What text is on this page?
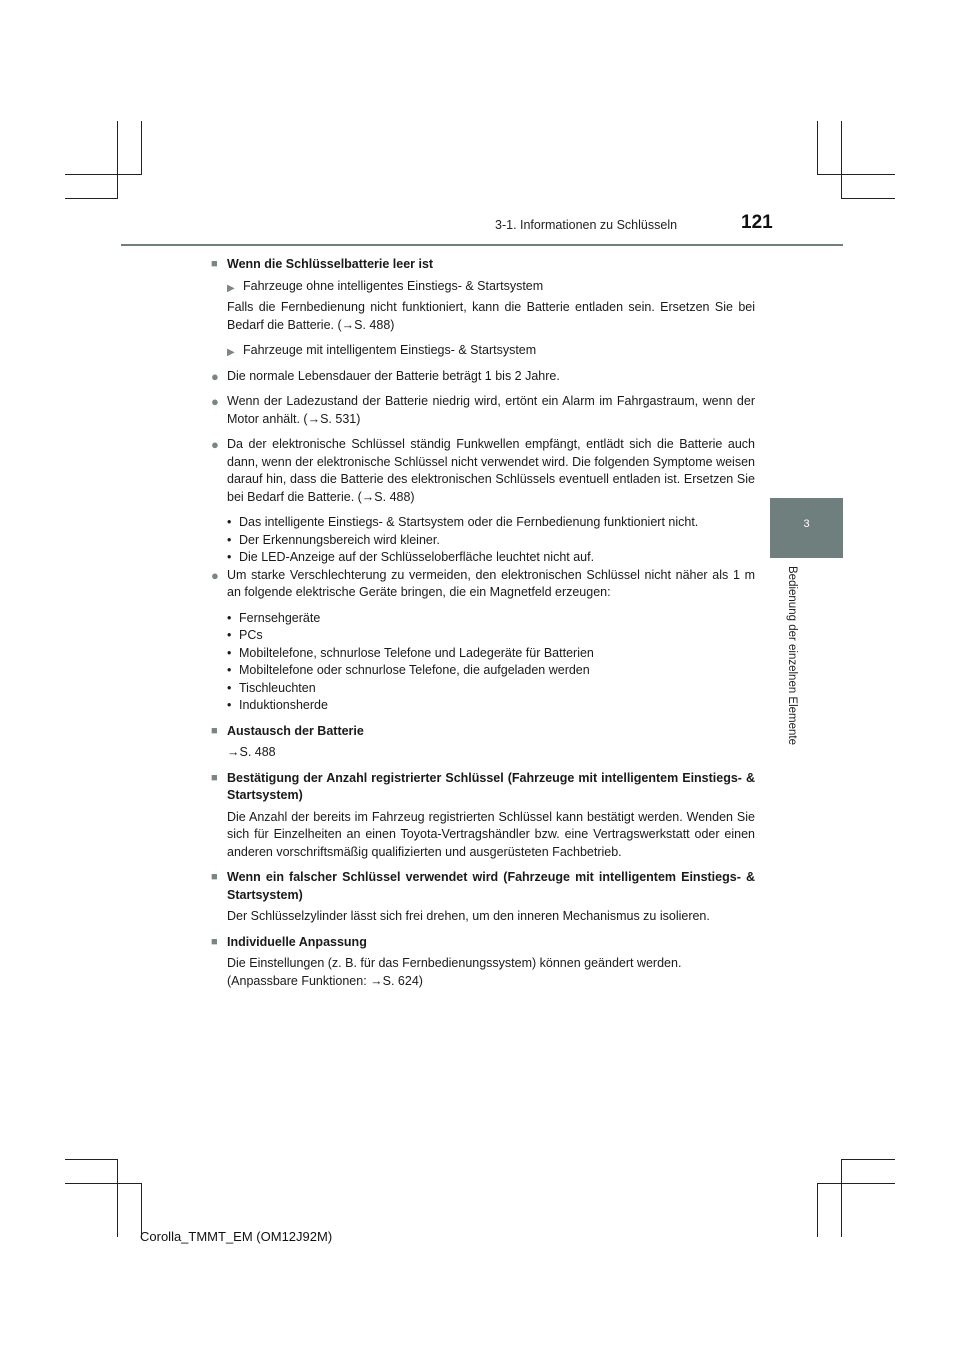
3-1. Informationen zu Schlüsseln	121
3
Bedienung der einzelnen Elemente
■ Wenn die Schlüsselbatterie leer ist
▶ Fahrzeuge ohne intelligentes Einstiegs- & Startsystem
Falls die Fernbedienung nicht funktioniert, kann die Batterie entladen sein. Ersetzen Sie bei Bedarf die Batterie. (→S. 488)
▶ Fahrzeuge mit intelligentem Einstiegs- & Startsystem
● Die normale Lebensdauer der Batterie beträgt 1 bis 2 Jahre.
● Wenn der Ladezustand der Batterie niedrig wird, ertönt ein Alarm im Fahrgastraum, wenn der Motor anhält. (→S. 531)
● Da der elektronische Schlüssel ständig Funkwellen empfängt, entlädt sich die Batterie auch dann, wenn der elektronische Schlüssel nicht verwendet wird. Die folgenden Symptome weisen darauf hin, dass die Batterie des elektronischen Schlüssels eventuell entladen ist. Ersetzen Sie bei Bedarf die Batterie. (→S. 488)
• Das intelligente Einstiegs- & Startsystem oder die Fernbedienung funktioniert nicht.
• Der Erkennungsbereich wird kleiner.
• Die LED-Anzeige auf der Schlüsseloberfläche leuchtet nicht auf.
● Um starke Verschlechterung zu vermeiden, den elektronischen Schlüssel nicht näher als 1 m an folgende elektrische Geräte bringen, die ein Magnetfeld erzeugen:
• Fernsehgeräte
• PCs
• Mobiltelefone, schnurlose Telefone und Ladegeräte für Batterien
• Mobiltelefone oder schnurlose Telefone, die aufgeladen werden
• Tischleuchten
• Induktionsherde
■ Austausch der Batterie
→S. 488
■ Bestätigung der Anzahl registrierter Schlüssel (Fahrzeuge mit intelligentem Einstiegs- & Startsystem)
Die Anzahl der bereits im Fahrzeug registrierten Schlüssel kann bestätigt werden. Wenden Sie sich für Einzelheiten an einen Toyota-Vertragshändler bzw. eine Vertragswerkstatt oder einen anderen vorschriftsmäßig qualifizierten und ausgerüsteten Fachbetrieb.
■ Wenn ein falscher Schlüssel verwendet wird (Fahrzeuge mit intelligentem Einstiegs- & Startsystem)
Der Schlüsselzylinder lässt sich frei drehen, um den inneren Mechanismus zu isolieren.
■ Individuelle Anpassung
Die Einstellungen (z. B. für das Fernbedienungssystem) können geändert werden.
(Anpassbare Funktionen: →S. 624)
Corolla_TMMT_EM (OM12J92M)
